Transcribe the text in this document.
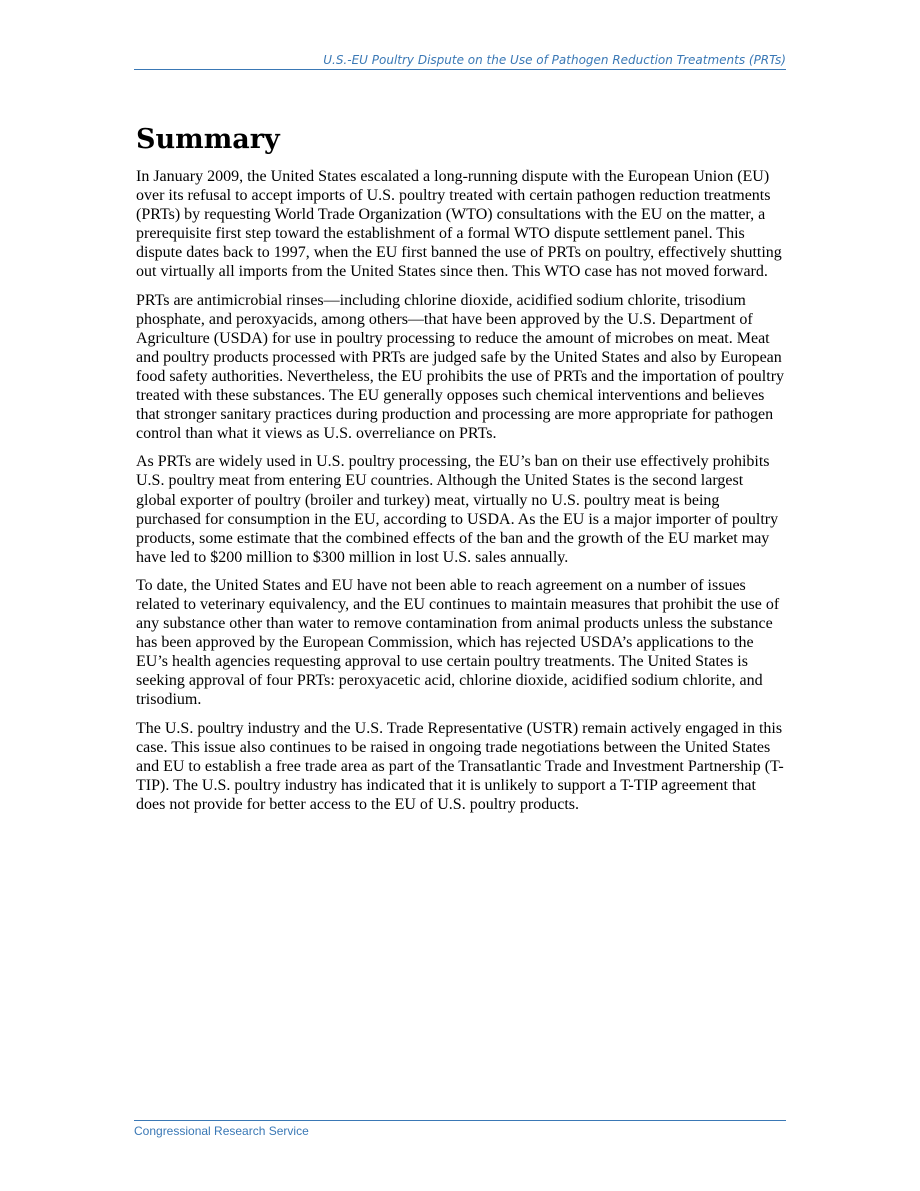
U.S.-EU Poultry Dispute on the Use of Pathogen Reduction Treatments (PRTs)
Summary

In January 2009, the United States escalated a long-running dispute with the European Union (EU) over its refusal to accept imports of U.S. poultry treated with certain pathogen reduction treatments (PRTs) by requesting World Trade Organization (WTO) consultations with the EU on the matter, a prerequisite first step toward the establishment of a formal WTO dispute settlement panel. This dispute dates back to 1997, when the EU first banned the use of PRTs on poultry, effectively shutting out virtually all imports from the United States since then. This WTO case has not moved forward.

PRTs are antimicrobial rinses—including chlorine dioxide, acidified sodium chlorite, trisodium phosphate, and peroxyacids, among others—that have been approved by the U.S. Department of Agriculture (USDA) for use in poultry processing to reduce the amount of microbes on meat. Meat and poultry products processed with PRTs are judged safe by the United States and also by European food safety authorities. Nevertheless, the EU prohibits the use of PRTs and the importation of poultry treated with these substances. The EU generally opposes such chemical interventions and believes that stronger sanitary practices during production and processing are more appropriate for pathogen control than what it views as U.S. overreliance on PRTs.

As PRTs are widely used in U.S. poultry processing, the EU’s ban on their use effectively prohibits U.S. poultry meat from entering EU countries. Although the United States is the second largest global exporter of poultry (broiler and turkey) meat, virtually no U.S. poultry meat is being purchased for consumption in the EU, according to USDA. As the EU is a major importer of poultry products, some estimate that the combined effects of the ban and the growth of the EU market may have led to $200 million to $300 million in lost U.S. sales annually.

To date, the United States and EU have not been able to reach agreement on a number of issues related to veterinary equivalency, and the EU continues to maintain measures that prohibit the use of any substance other than water to remove contamination from animal products unless the substance has been approved by the European Commission, which has rejected USDA’s applications to the EU’s health agencies requesting approval to use certain poultry treatments. The United States is seeking approval of four PRTs: peroxyacetic acid, chlorine dioxide, acidified sodium chlorite, and trisodium.

The U.S. poultry industry and the U.S. Trade Representative (USTR) remain actively engaged in this case. This issue also continues to be raised in ongoing trade negotiations between the United States and EU to establish a free trade area as part of the Transatlantic Trade and Investment Partnership (T-TIP). The U.S. poultry industry has indicated that it is unlikely to support a T-TIP agreement that does not provide for better access to the EU of U.S. poultry products.

Congressional Research Service
